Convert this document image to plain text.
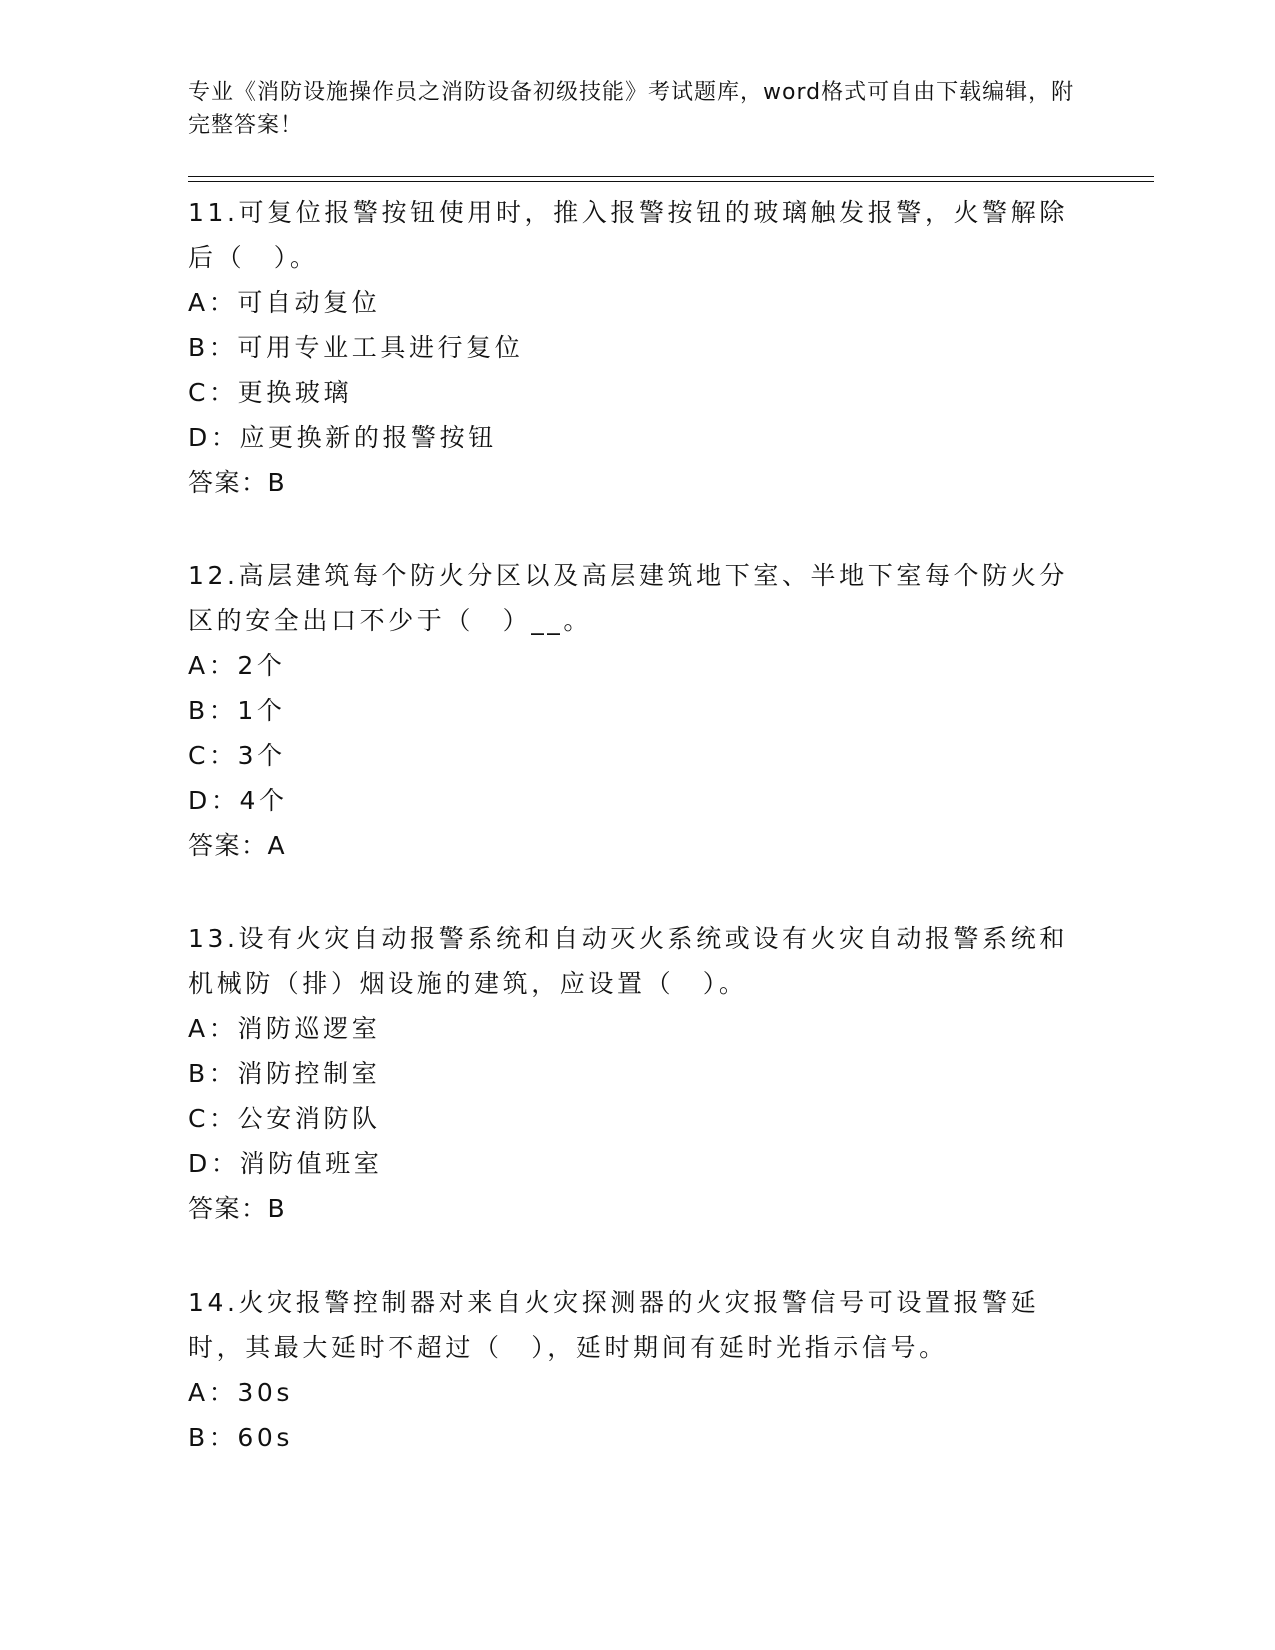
专业《消防设施操作员之消防设备初级技能》考试题库，word格式可自由下载编辑，附完整答案！

11.可复位报警按钮使用时，推入报警按钮的玻璃触发报警，火警解除后（　）。

A：可自动复位
B：可用专业工具进行复位
C：更换玻璃
D：应更换新的报警按钮
答案：B

12.高层建筑每个防火分区以及高层建筑地下室、半地下室每个防火分区的安全出口不少于（　）__。

A：2个
B：1个
C：3个
D：4个
答案：A

13.设有火灾自动报警系统和自动灭火系统或设有火灾自动报警系统和机械防（排）烟设施的建筑，应设置（　）。

A：消防巡逻室
B：消防控制室
C：公安消防队
D：消防值班室
答案：B

14.火灾报警控制器对来自火灾探测器的火灾报警信号可设置报警延时，其最大延时不超过（　），延时期间有延时光指示信号。

A：30s
B：60s
